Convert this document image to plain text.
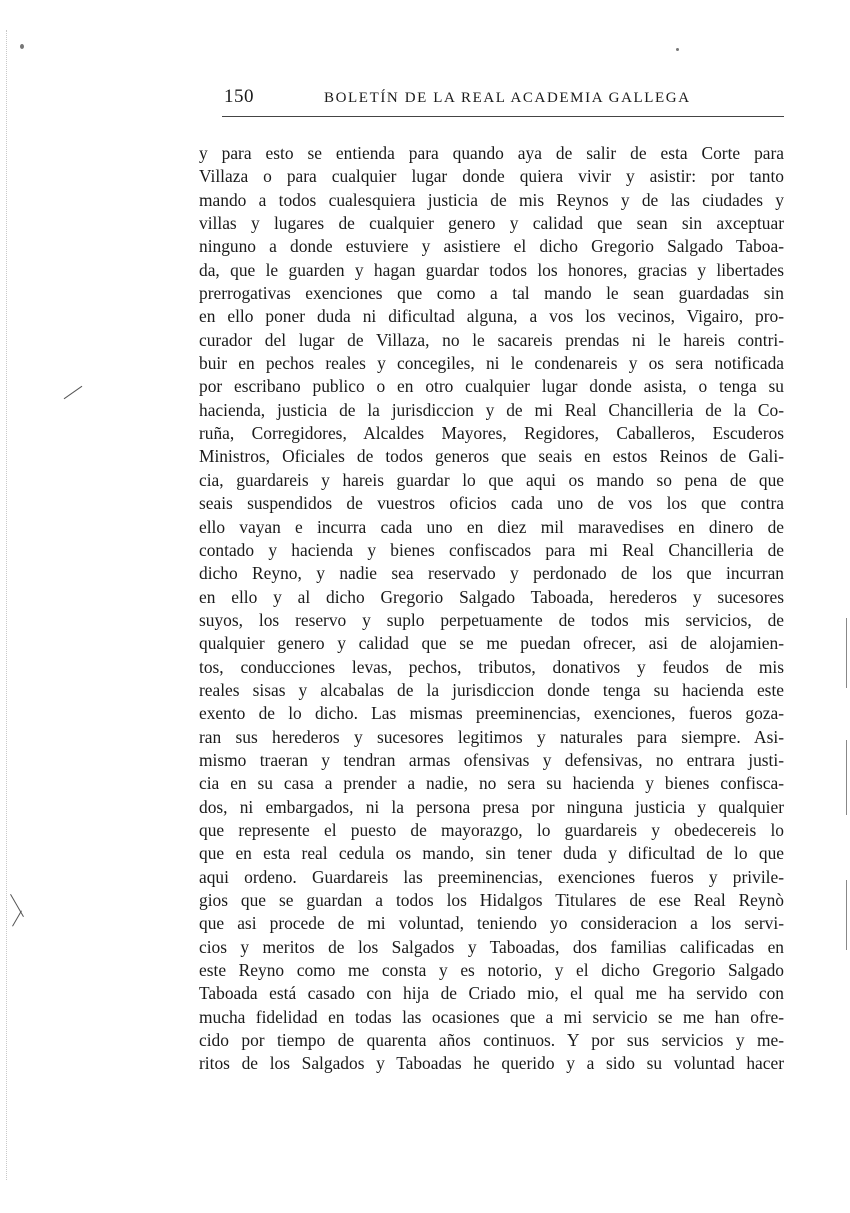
150	BOLETÍN DE LA REAL ACADEMIA GALLEGA
y para esto se entienda para quando aya de salir de esta Corte para
Villaza o para cualquier lugar donde quiera vivir y asistir: por tanto
mando a todos cualesquiera justicia de mis Reynos y de las ciudades y
villas y lugares de cualquier genero y calidad que sean sin axceptuar
ninguno a donde estuviere y asistiere el dicho Gregorio Salgado Taboa-
da, que le guarden y hagan guardar todos los honores, gracias y libertades
prerrogativas exenciones que como a tal mando le sean guardadas sin
en ello poner duda ni dificultad alguna, a vos los vecinos, Vigairo, pro-
curador del lugar de Villaza, no le sacareis prendas ni le hareis contri-
buir en pechos reales y concegiles, ni le condenareis y os sera notificada
por escribano publico o en otro cualquier lugar donde asista, o tenga su
hacienda, justicia de la jurisdiccion y de mi Real Chancilleria de la Co-
ruña, Corregidores, Alcaldes Mayores, Regidores, Caballeros, Escuderos
Ministros, Oficiales de todos generos que seais en estos Reinos de Gali-
cia, guardareis y hareis guardar lo que aqui os mando so pena de que
seais suspendidos de vuestros oficios cada uno de vos los que contra
ello vayan e incurra cada uno en diez mil maravedises en dinero de
contado y hacienda y bienes confiscados para mi Real Chancilleria de
dicho Reyno, y nadie sea reservado y perdonado de los que incurran
en ello y al dicho Gregorio Salgado Taboada, herederos y sucesores
suyos, los reservo y suplo perpetuamente de todos mis servicios, de
qualquier genero y calidad que se me puedan ofrecer, asi de alojamien-
tos, conducciones levas, pechos, tributos, donativos y feudos de mis
reales sisas y alcabalas de la jurisdiccion donde tenga su hacienda este
exento de lo dicho. Las mismas preeminencias, exenciones, fueros goza-
ran sus herederos y sucesores legitimos y naturales para siempre. Asi-
mismo traeran y tendran armas ofensivas y defensivas, no entrara justi-
cia en su casa a prender a nadie, no sera su hacienda y bienes confisca-
dos, ni embargados, ni la persona presa por ninguna justicia y qualquier
que represente el puesto de mayorazgo, lo guardareis y obedecereis lo
que en esta real cedula os mando, sin tener duda y dificultad de lo que
aqui ordeno. Guardareis las preeminencias, exenciones fueros y privile-
gios que se guardan a todos los Hidalgos Titulares de ese Real Reynò
que asi procede de mi voluntad, teniendo yo consideracion a los servi-
cios y meritos de los Salgados y Taboadas, dos familias calificadas en
este Reyno como me consta y es notorio, y el dicho Gregorio Salgado
Taboada está casado con hija de Criado mio, el qual me ha servido con
mucha fidelidad en todas las ocasiones que a mi servicio se me han ofre-
cido por tiempo de quarenta años continuos. Y por sus servicios y me-
ritos de los Salgados y Taboadas he querido y a sido su voluntad hacer
